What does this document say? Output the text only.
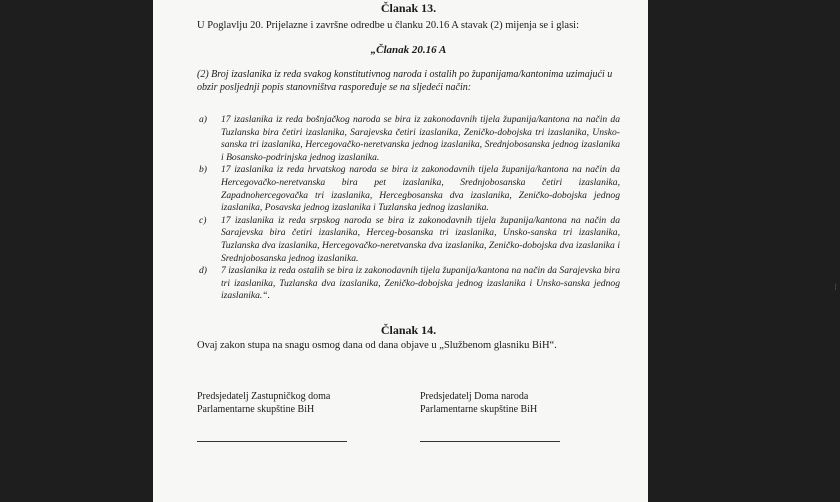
Članak 13.
U Poglavlju 20. Prijelazne i završne odredbe u članku 20.16 A stavak (2) mijenja se i glasi:
„Članak 20.16 A
(2) Broj izaslanika iz reda svakog konstitutivnog naroda i ostalih po županijama/kantonima uzimajući u obzir posljednji popis stanovništva raspoređuje se na sljedeći način:
a)	17 izaslanika iz reda bošnjačkog naroda se bira iz zakonodavnih tijela županija/kantona na način da Tuzlanska bira četiri izaslanika, Sarajevska četiri izaslanika, Zeničko-dobojska tri izaslanika, Unsko-sanska tri izaslanika, Hercegovačko-neretvanska jednog izaslanika, Srednjobosanska jednog izaslanika i Bosansko-podrinjska jednog izaslanika.
b)	17 izaslanika iz reda hrvatskog naroda se bira iz zakonodavnih tijela županija/kantona na način da Hercegovačko-neretvanska bira pet izaslanika, Srednjobosanska četiri izaslanika, Zapadnohercegovačka tri izaslanika, Hercegbosanska dva izaslanika, Zeničko-dobojska jednog izaslanika, Posavska jednog izaslanika i Tuzlanska jednog izaslanika.
c)	17 izaslanika iz reda srpskog naroda se bira iz zakonodavnih tijela županija/kantona na način da Sarajevska bira četiri izaslanika, Herceg-bosanska tri izaslanika, Unsko-sanska tri izaslanika, Tuzlanska dva izaslanika, Hercegovačko-neretvanska dva izaslanika, Zeničko-dobojska dva izaslanika i Srednjobosanska jednog izaslanika.
d)	7 izaslanika iz reda ostalih se bira iz zakonodavnih tijela županija/kantona na način da Sarajevska bira tri izaslanika, Tuzlanska dva izaslanika, Zeničko-dobojska jednog izaslanika i Unsko-sanska jednog izaslanika.“.
Članak 14.
Ovaj zakon stupa na snagu osmog dana od dana objave u „Službenom glasniku BiH“.
Predsjedatelj Zastupničkog doma
Parlamentarne skupštine BiH
Predsjedatelj Doma naroda
Parlamentarne skupštine BiH
⁝
